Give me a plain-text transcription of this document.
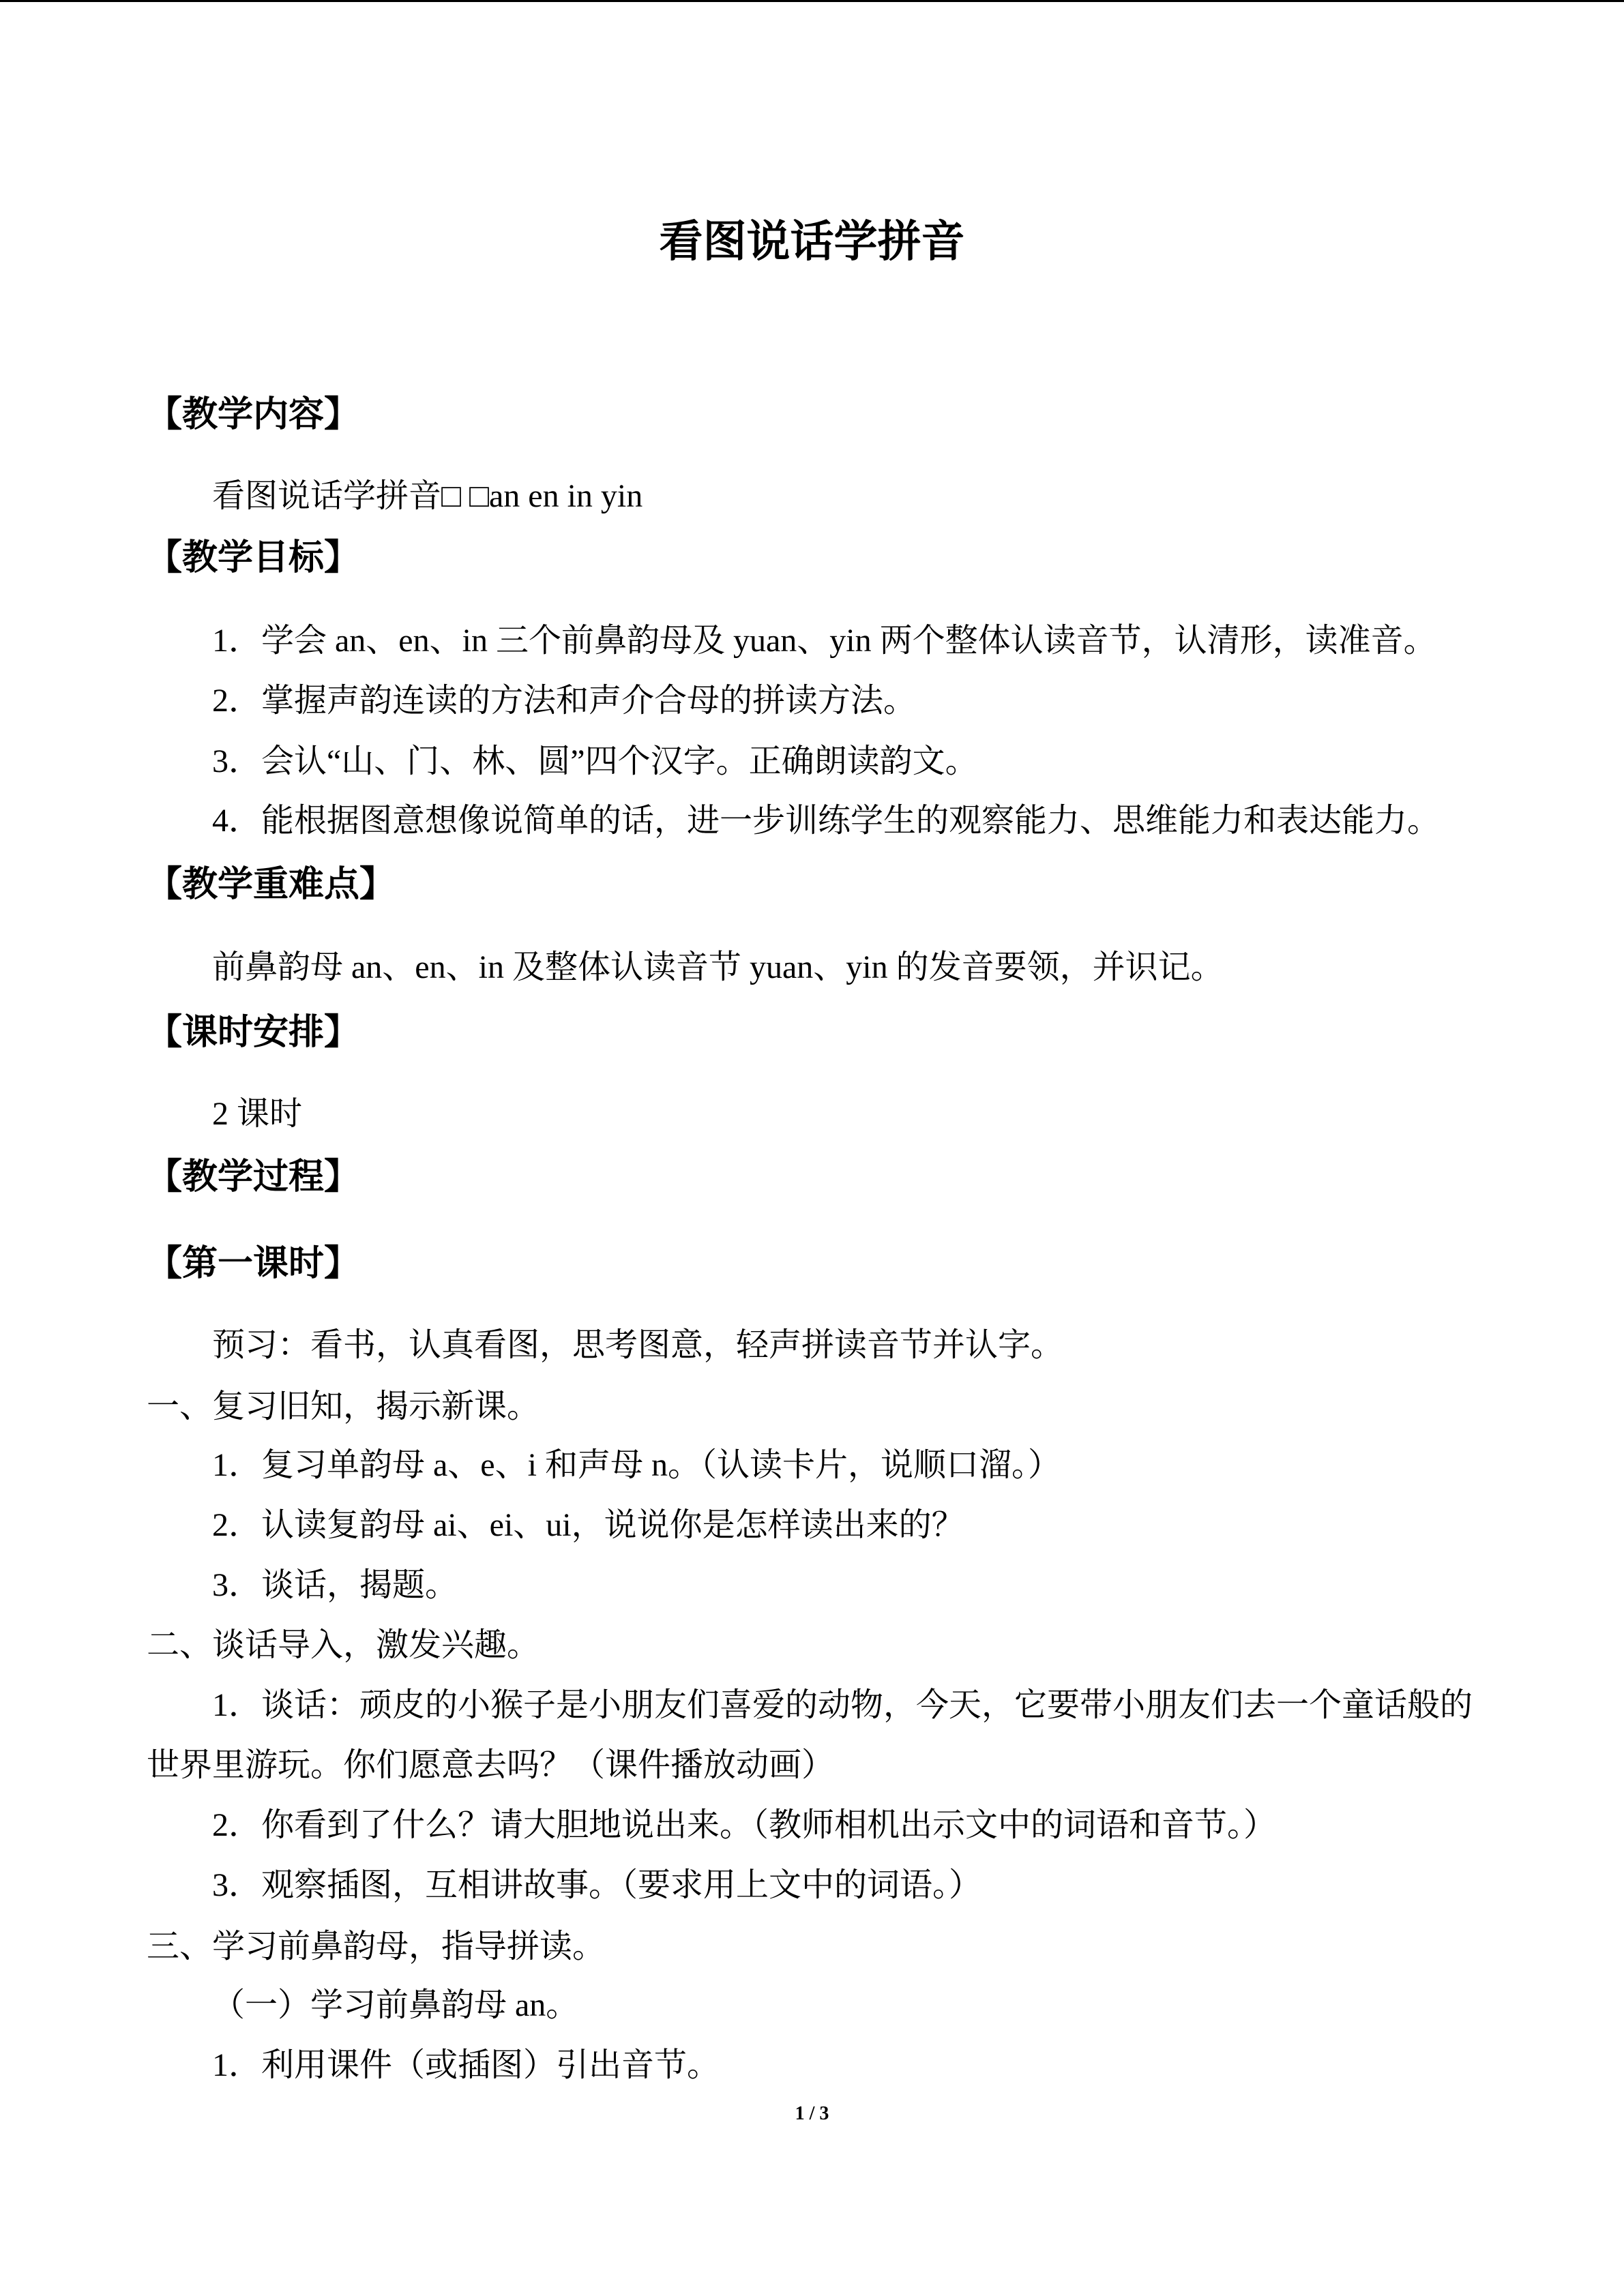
看图说话学拼音
【教学内容】
看图说话学拼音□ □an en in yin
【教学目标】
1．学会 an、en、in 三个前鼻韵母及 yuan、yin 两个整体认读音节，认清形，读准音。
2．掌握声韵连读的方法和声介合母的拼读方法。
3．会认“山、门、林、圆”四个汉字。正确朗读韵文。
4．能根据图意想像说简单的话，进一步训练学生的观察能力、思维能力和表达能力。
【教学重难点】
前鼻韵母 an、en、in 及整体认读音节 yuan、yin 的发音要领，并识记。
【课时安排】
2 课时
【教学过程】
【第一课时】
预习：看书，认真看图，思考图意，轻声拼读音节并认字。
一、复习旧知，揭示新课。
1．复习单韵母 a、e、i 和声母 n。（认读卡片，说顺口溜。）
2．认读复韵母 ai、ei、ui，说说你是怎样读出来的？
3．谈话，揭题。
二、谈话导入，激发兴趣。
1．谈话：顽皮的小猴子是小朋友们喜爱的动物，今天，它要带小朋友们去一个童话般的
世界里游玩。你们愿意去吗？（课件播放动画）
2．你看到了什么？请大胆地说出来。（教师相机出示文中的词语和音节。）
3．观察插图，互相讲故事。（要求用上文中的词语。）
三、学习前鼻韵母，指导拼读。
（一）学习前鼻韵母 an。
1．利用课件（或插图）引出音节。
1 / 3
